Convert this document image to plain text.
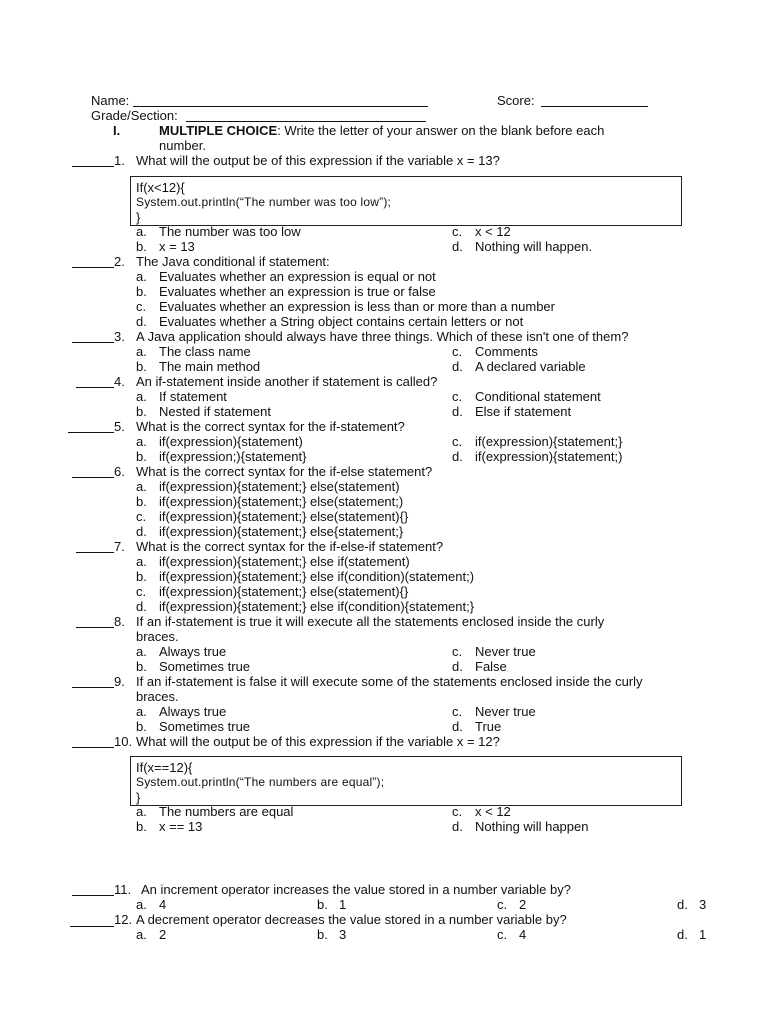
Name:	Score:
Grade/Section:
I.	MULTIPLE CHOICE: Write the letter of your answer on the blank before each
number.
1. What will the output be of this expression if the variable x = 13?
If(x<12){
System.out.println(“The number was too low”);
}
a. The number was too low
b. x = 13
c. x < 12
d. Nothing will happen.
2. The Java conditional if statement:
a. Evaluates whether an expression is equal or not
b. Evaluates whether an expression is true or false
c. Evaluates whether an expression is less than or more than a number
d. Evaluates whether a String object contains certain letters or not
3. A Java application should always have three things. Which of these isn't one of them?
a. The class name
b. The main method
c. Comments
d. A declared variable
4. An if-statement inside another if statement is called?
a. If statement
b. Nested if statement
c. Conditional statement
d. Else if statement
5. What is the correct syntax for the if-statement?
a. if(expression){statement)
b. if(expression;){statement}
c. if(expression){statement;}
d. if(expression){statement;)
6. What is the correct syntax for the if-else statement?
a. if(expression){statement;} else(statement)
b. if(expression){statement;} else(statement;)
c. if(expression){statement;} else(statement){}
d. if(expression){statement;} else{statement;}
7. What is the correct syntax for the if-else-if statement?
a. if(expression){statement;} else if(statement)
b. if(expression){statement;} else if(condition)(statement;)
c. if(expression){statement;} else(statement){}
d. if(expression){statement;} else if(condition){statement;}
8. If an if-statement is true it will execute all the statements enclosed inside the curly
braces.
a. Always true
b. Sometimes true
c. Never true
d. False
9. If an if-statement is false it will execute some of the statements enclosed inside the curly
braces.
a. Always true
b. Sometimes true
c. Never true
d. True
10. What will the output be of this expression if the variable x = 12?
If(x==12){
System.out.println(“The numbers are equal”);
}
a. The numbers are equal
b. x == 13
c. x < 12
d. Nothing will happen
11. An increment operator increases the value stored in a number variable by?
a. 4	b. 1	c. 2	d. 3
12. A decrement operator decreases the value stored in a number variable by?
a. 2	b. 3	c. 4	d. 1
